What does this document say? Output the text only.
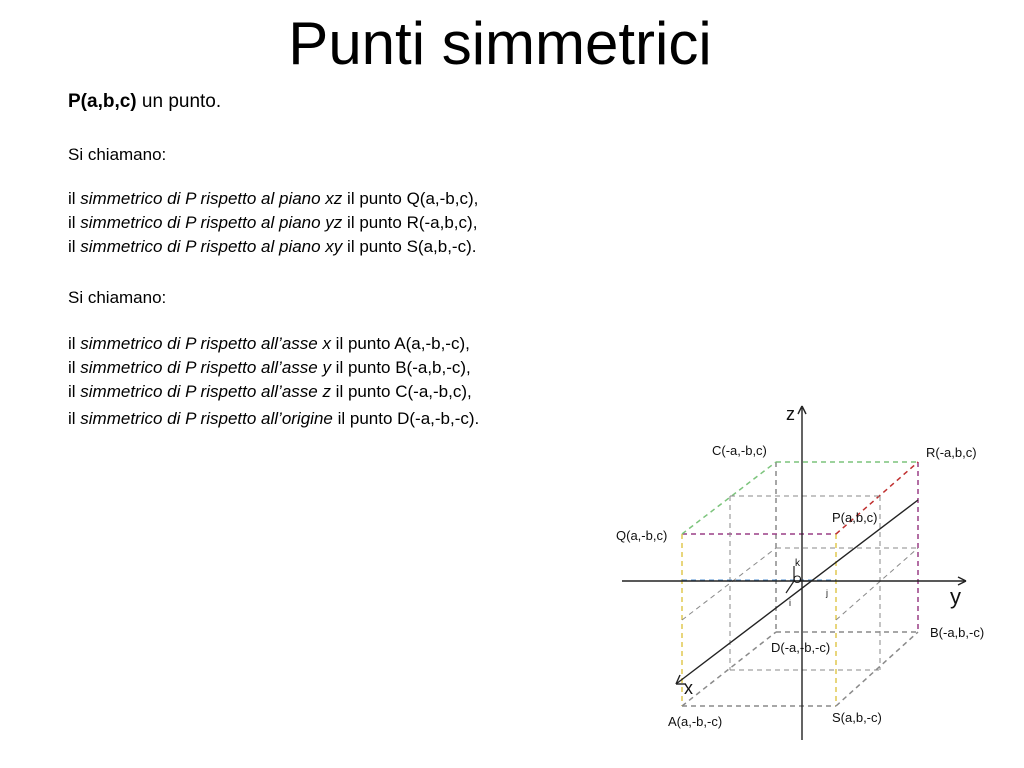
Punti simmetrici
P(a,b,c) un punto.
Si chiamano:
il simmetrico di P rispetto al piano xz il punto Q(a,-b,c),
il simmetrico di P rispetto al piano yz il punto R(-a,b,c),
il simmetrico di P rispetto al piano xy il punto S(a,b,-c).
Si chiamano:
il simmetrico di P rispetto all’asse x il punto A(a,-b,-c),
il simmetrico di P rispetto all’asse y il punto B(-a,b,-c),
il simmetrico di P rispetto all’asse z il punto C(-a,-b,c),
il simmetrico di P rispetto all’origine il punto D(-a,-b,-c).	z
y
x
k
O
i
j
C(-a,-b,c)	R(-a,b,c)
Q(a,-b,c)
P(a,b,c)
B(-a,b,-c)
D(-a,-b,-c)
A(a,-b,-c)	S(a,b,-c)
